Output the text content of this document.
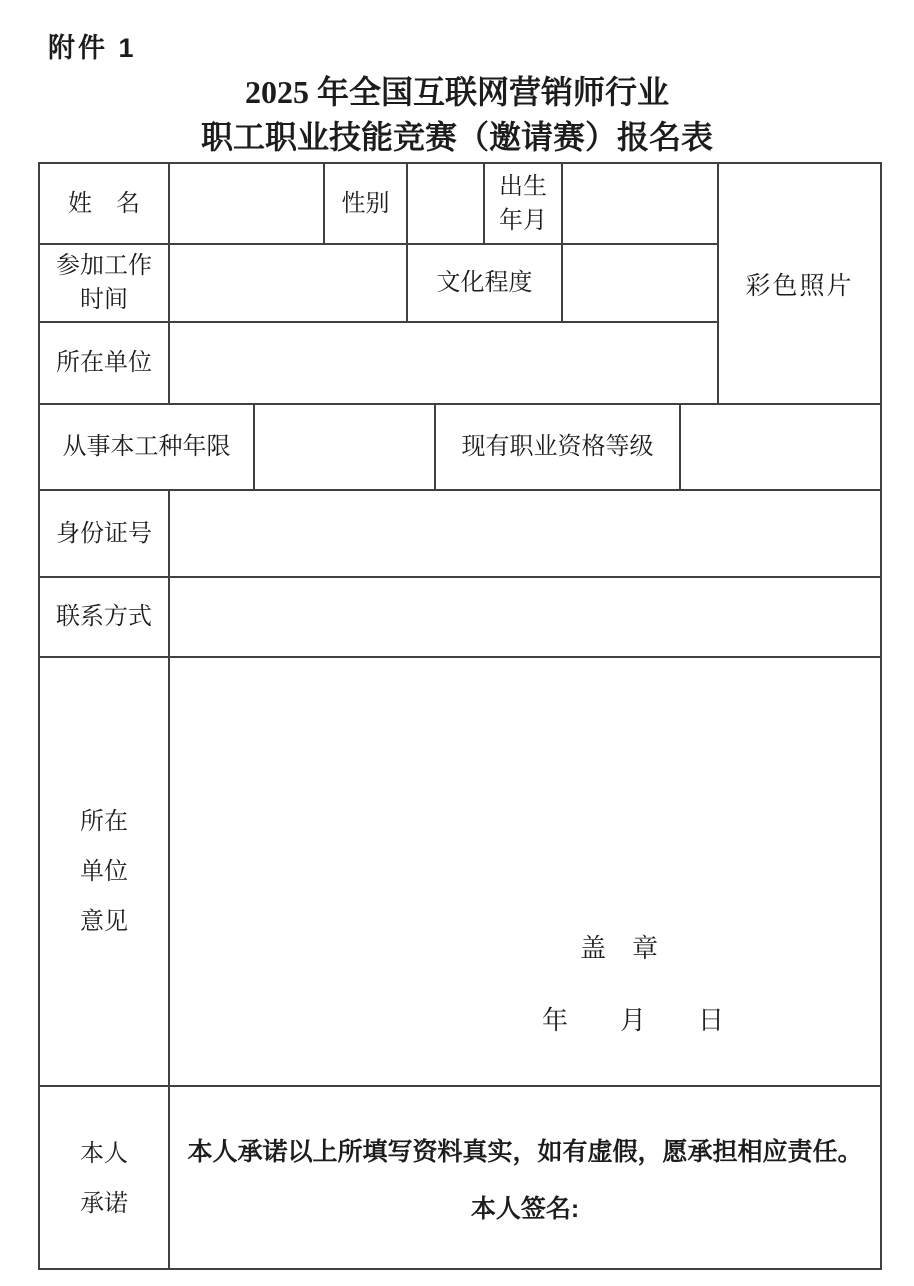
附件 1
2025 年全国互联网营销师行业
职工职业技能竞赛（邀请赛）报名表
姓　名	性别
出生
年月
参加工作
时间
文化程度
所在单位
彩色照片
从事本工种年限	现有职业资格等级
身份证号
联系方式
所在
单位
意见
盖　章
年 月 日
本人
承诺
本人承诺以上所填写资料真实，如有虚假，愿承担相应责任。
本人签名:
